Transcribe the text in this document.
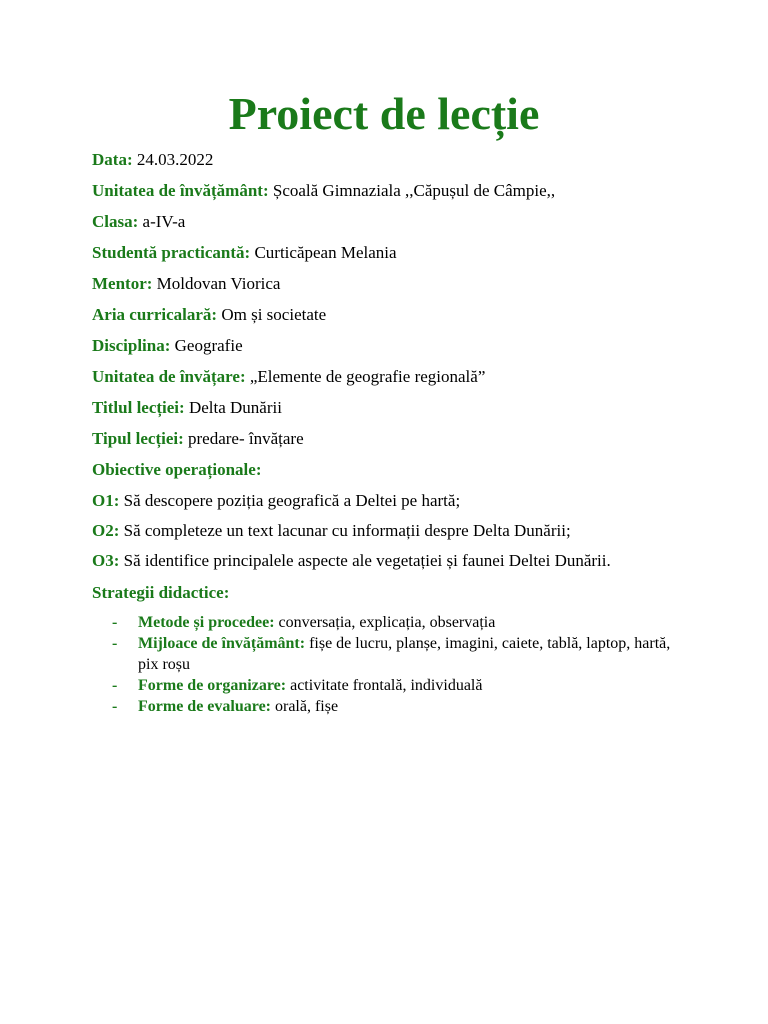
Proiect de lecție
Data: 24.03.2022
Unitatea de învățământ: Școală Gimnaziala ,,Căpușul de Câmpie,,
Clasa: a-IV-a
Studentă practicantă: Curticăpean Melania
Mentor: Moldovan Viorica
Aria curricalară: Om și societate
Disciplina: Geografie
Unitatea de învățare: „Elemente de geografie regională”
Titlul lecției: Delta Dunării
Tipul lecției: predare- învățare
Obiective operaționale:
O1: Să descopere poziția geografică a Deltei pe hartă;
O2: Să completeze un text lacunar cu informații despre Delta Dunării;
O3: Să identifice principalele aspecte ale vegetației și faunei Deltei Dunării.
Strategii didactice:
- Metode și procedee: conversația, explicația, observația
- Mijloace de învățământ: fișe de lucru, planșe, imagini, caiete, tablă, laptop, hartă, pix roșu
- Forme de organizare: activitate frontală, individuală
- Forme de evaluare: orală, fișe
